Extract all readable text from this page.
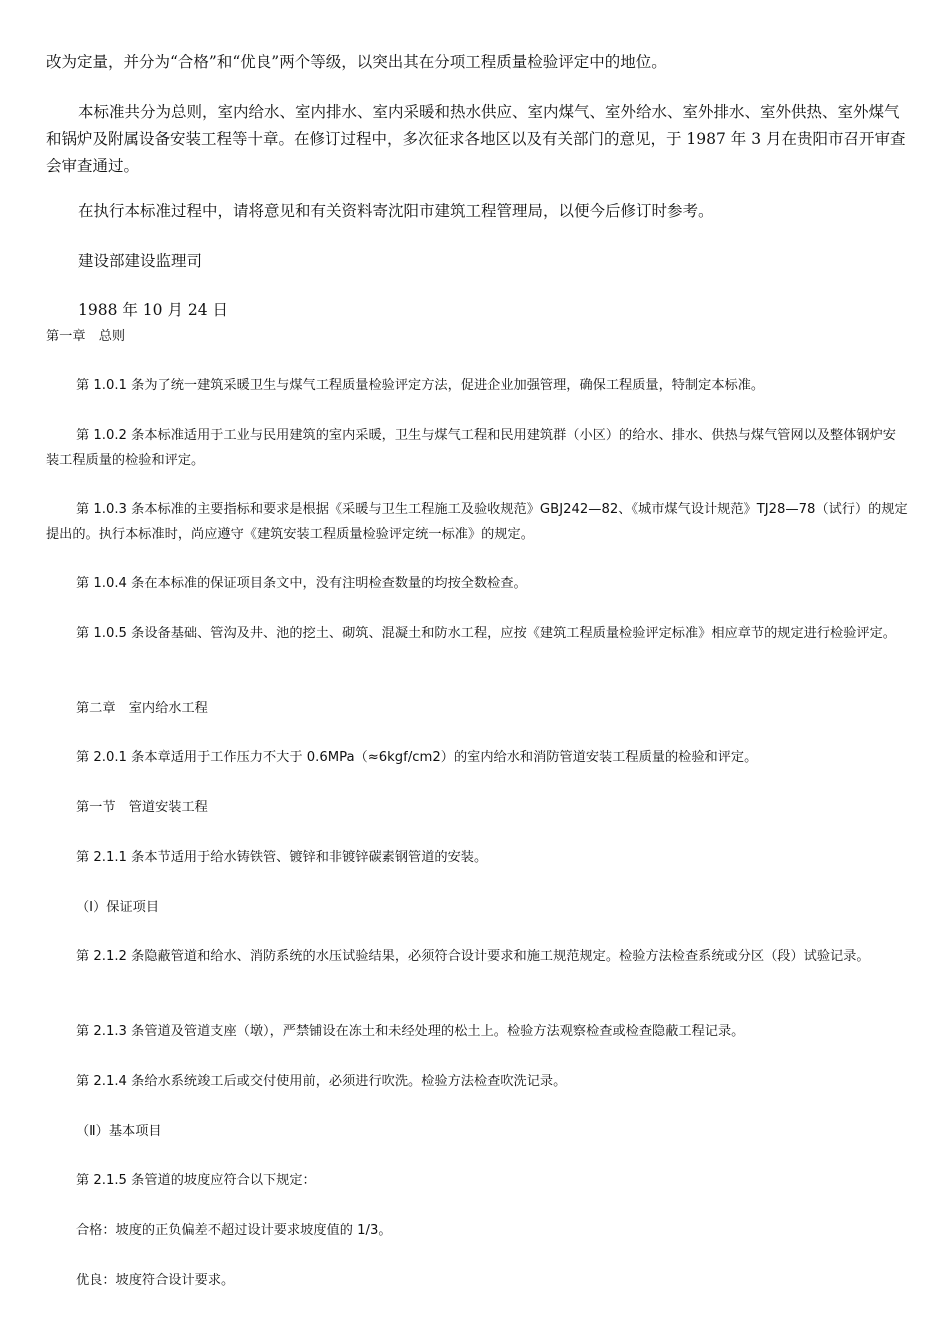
改为定量，并分为“合格”和“优良”两个等级，以突出其在分项工程质量检验评定中的地位。

本标准共分为总则，室内给水、室内排水、室内采暖和热水供应、室内煤气、室外给水、室外排水、室外供热、室外煤气和锅炉及附属设备安装工程等十章。在修订过程中，多次征求各地区以及有关部门的意见，于 1987 年 3 月在贵阳市召开审查会审查通过。

在执行本标准过程中，请将意见和有关资料寄沈阳市建筑工程管理局，以便今后修订时参考。

建设部建设监理司

1988 年 10 月 24 日

第一章　总则

第 1.0.1 条为了统一建筑采暖卫生与煤气工程质量检验评定方法，促进企业加强管理，确保工程质量，特制定本标准。

第 1.0.2 条本标准适用于工业与民用建筑的室内采暖，卫生与煤气工程和民用建筑群（小区）的给水、排水、供热与煤气管网以及整体钢炉安装工程质量的检验和评定。

第 1.0.3 条本标准的主要指标和要求是根据《采暖与卫生工程施工及验收规范》GBJ242—82、《城市煤气设计规范》TJ28—78（试行）的规定提出的。执行本标准时，尚应遵守《建筑安装工程质量检验评定统一标准》的规定。

第 1.0.4 条在本标准的保证项目条文中，没有注明检查数量的均按全数检查。

第 1.0.5 条设备基础、管沟及井、池的挖土、砌筑、混凝土和防水工程，应按《建筑工程质量检验评定标准》相应章节的规定进行检验评定。

第二章　室内给水工程

第 2.0.1 条本章适用于工作压力不大于 0.6MPa（≈6kgf/cm2）的室内给水和消防管道安装工程质量的检验和评定。

第一节　管道安装工程

第 2.1.1 条本节适用于给水铸铁管、镀锌和非镀锌碳素钢管道的安装。

（Ⅰ）保证项目

第 2.1.2 条隐蔽管道和给水、消防系统的水压试验结果，必须符合设计要求和施工规范规定。检验方法检查系统或分区（段）试验记录。

第 2.1.3 条管道及管道支座（墩），严禁铺设在冻土和未经处理的松土上。检验方法观察检查或检查隐蔽工程记录。

第 2.1.4 条给水系统竣工后或交付使用前，必须进行吹洗。检验方法检查吹洗记录。

（Ⅱ）基本项目

第 2.1.5 条管道的坡度应符合以下规定：

合格：坡度的正负偏差不超过设计要求坡度值的 1/3。

优良：坡度符合设计要求。
